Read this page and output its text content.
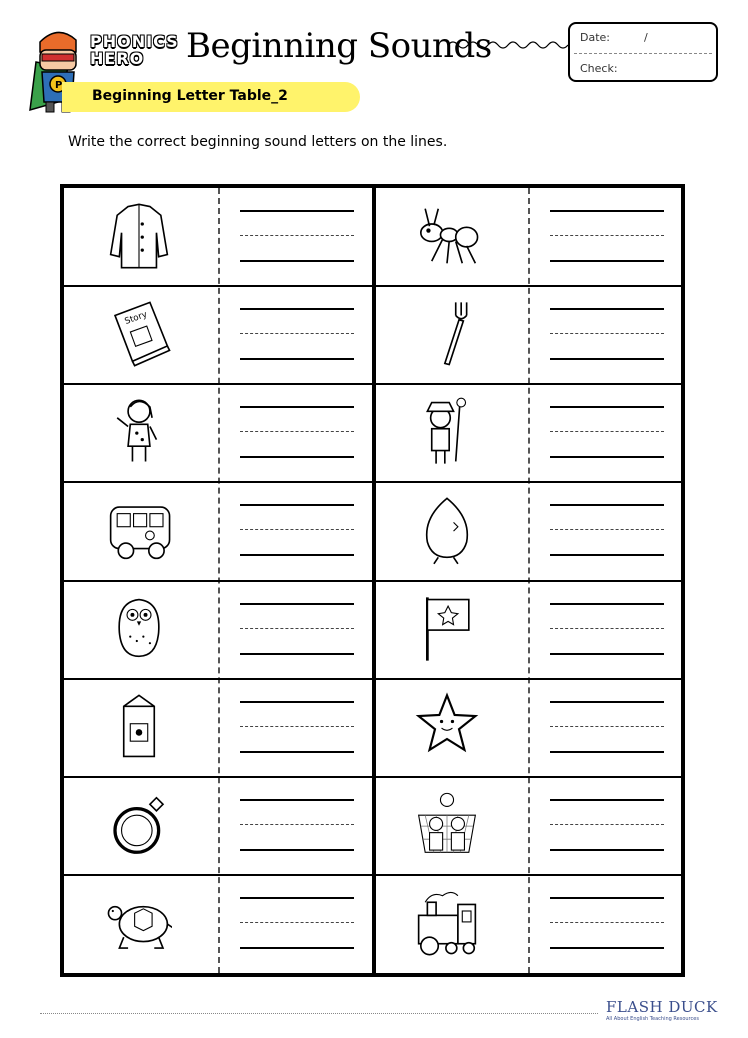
P
PHONICS
HERO Beginning Sounds	Date:	/
Check:
Beginning Letter Table_2
Write the correct beginning sound letters on the lines.
Story
FLASH DUCK
All About English Teaching Resources
